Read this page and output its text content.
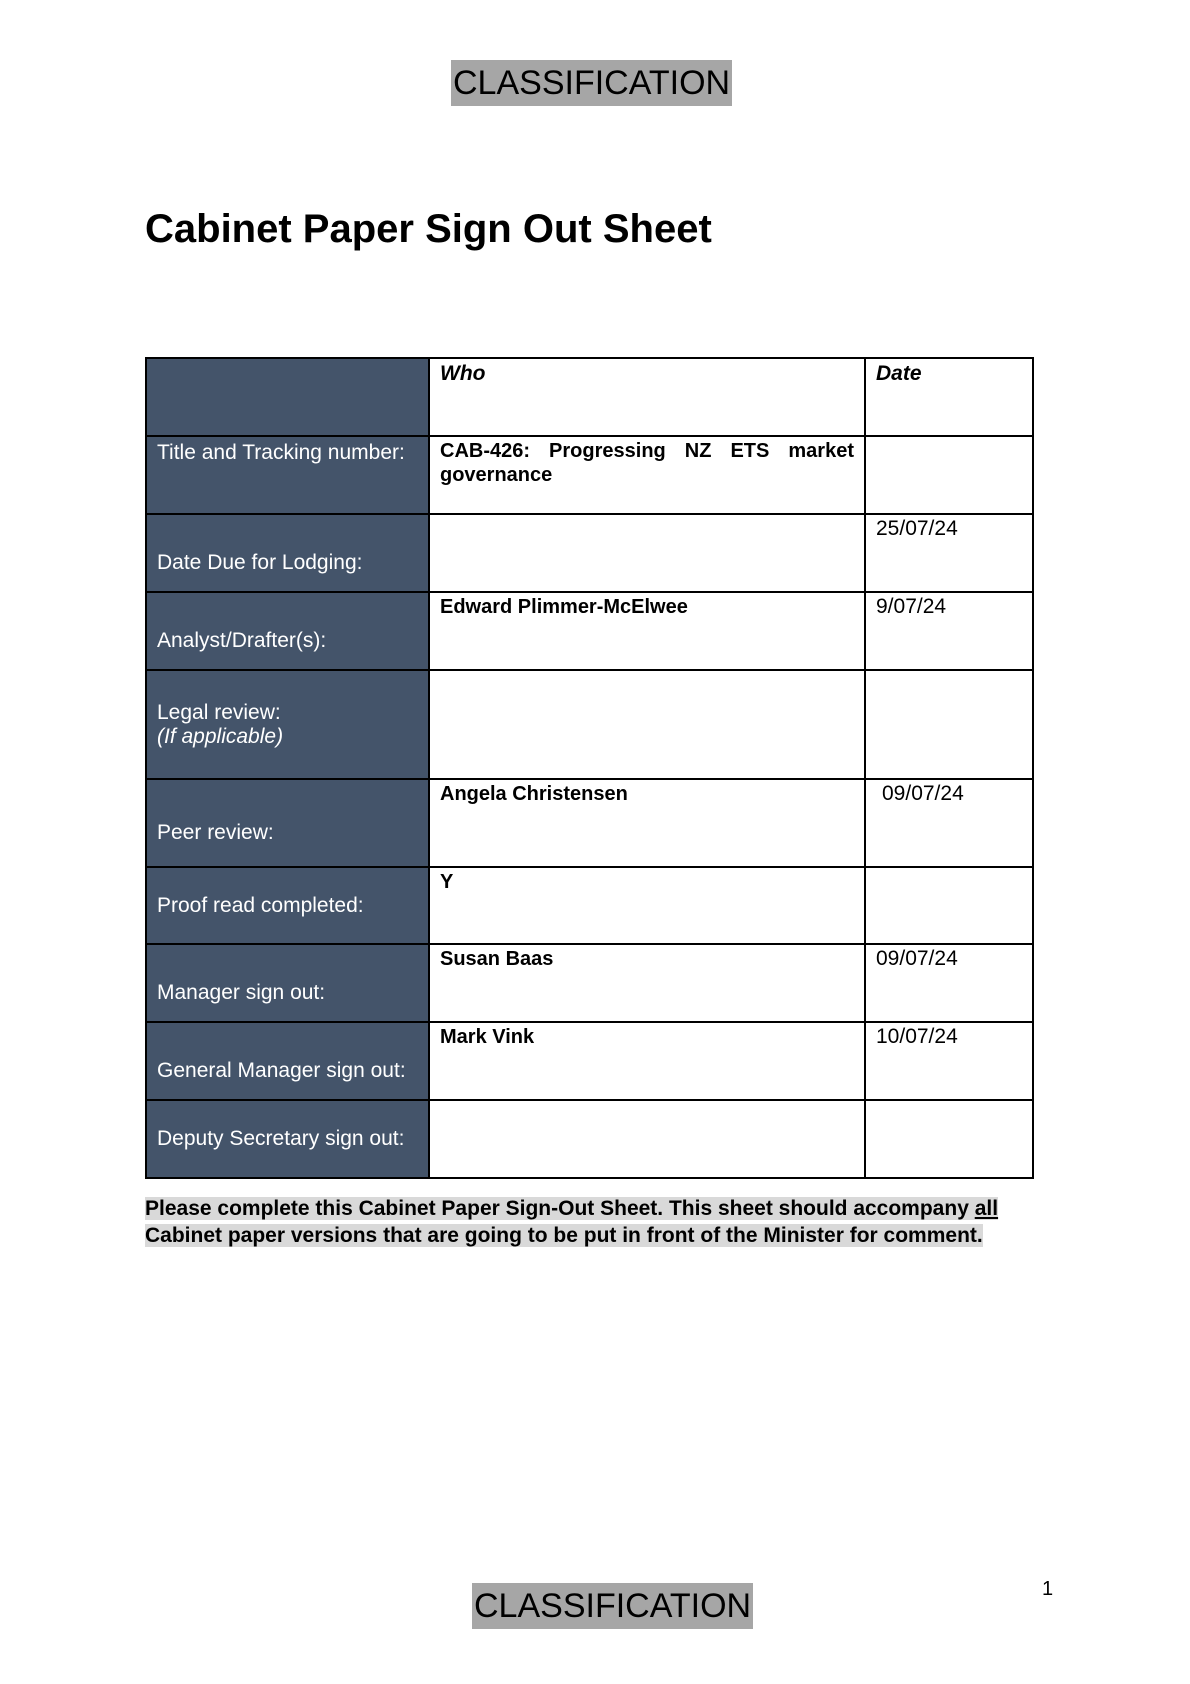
CLASSIFICATION
Cabinet Paper Sign Out Sheet
	Who	Date
Title and Tracking number:	CAB-426: Progressing NZ ETS market governance	
Date Due for Lodging:		25/07/24
Analyst/Drafter(s):	Edward Plimmer-McElwee	9/07/24
Legal review:
(If applicable)		

Peer review:	Angela Christensen	09/07/24
Proof read completed:	Y	
Manager sign out:	Susan Baas	09/07/24
General Manager sign out:	Mark Vink	10/07/24
Deputy Secretary sign out:		

Please complete this Cabinet Paper Sign-Out Sheet. This sheet should accompany all Cabinet paper versions that are going to be put in front of the Minister for comment.

CLASSIFICATION	1
